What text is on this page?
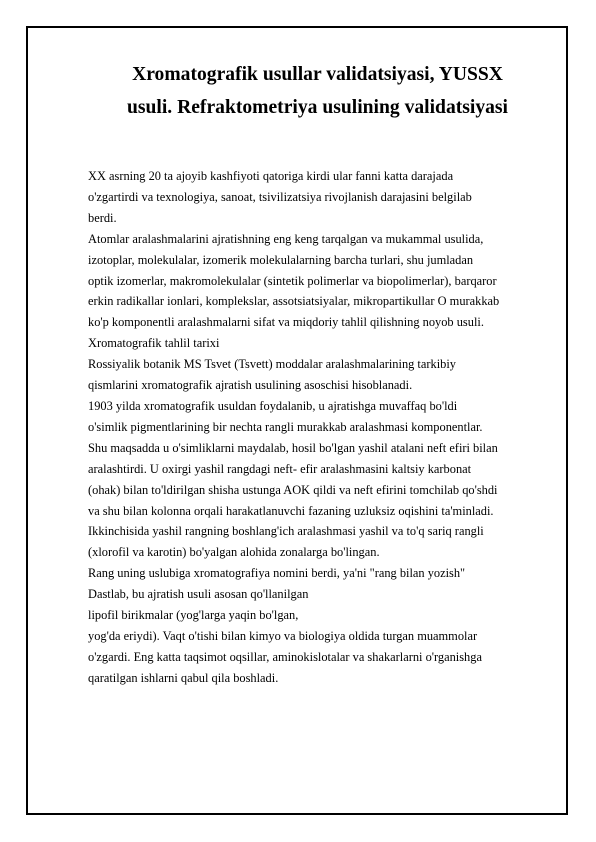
Xromatografik usullar validatsiyasi, YUSSX
usuli. Refraktometriya usulining validatsiyasi
XX asrning 20 ta ajoyib kashfiyoti qatoriga kirdi ular fanni katta darajada
o'zgartirdi va texnologiya, sanoat, tsivilizatsiya rivojlanish darajasini belgilab
berdi.
Atomlar aralashmalarini ajratishning eng keng tarqalgan va mukammal usulida,
izotoplar, molekulalar, izomerik molekulalarning barcha turlari, shu jumladan
optik izomerlar, makromolekulalar (sintetik polimerlar va biopolimerlar), barqaror
erkin radikallar ionlari, komplekslar, assotsiatsiyalar, mikropartikullar O murakkab
ko'p komponentli aralashmalarni sifat va miqdoriy tahlil qilishning noyob usuli.
Xromatografik tahlil tarixi
Rossiyalik botanik MS Tsvet (Tsvett) moddalar aralashmalarining tarkibiy
qismlarini xromatografik ajratish usulining asoschisi hisoblanadi.
1903 yilda xromatografik usuldan foydalanib, u ajratishga muvaffaq bo'ldi
o'simlik pigmentlarining bir nechta rangli murakkab aralashmasi komponentlar.
Shu maqsadda u o'simliklarni maydalab, hosil bo'lgan yashil atalani neft efiri bilan
aralashtirdi. U oxirgi yashil rangdagi neft- efir aralashmasini kaltsiy karbonat
(ohak) bilan to'ldirilgan shisha ustunga AOK qildi va neft efirini tomchilab qo'shdi
va shu bilan kolonna orqali harakatlanuvchi fazaning uzluksiz oqishini ta'minladi.
Ikkinchisida yashil rangning boshlang'ich aralashmasi yashil va to'q sariq rangli
(xlorofil va karotin) bo'yalgan alohida zonalarga bo'lingan.
Rang uning uslubiga xromatografiya nomini berdi, ya'ni "rang bilan yozish"
Dastlab, bu ajratish usuli asosan qo'llanilgan
lipofil birikmalar (yog'larga yaqin bo'lgan,
yog'da eriydi). Vaqt o'tishi bilan kimyo va biologiya oldida turgan muammolar
o'zgardi. Eng katta taqsimot oqsillar, aminokislotalar va shakarlarni o'rganishga
qaratilgan ishlarni qabul qila boshladi.
